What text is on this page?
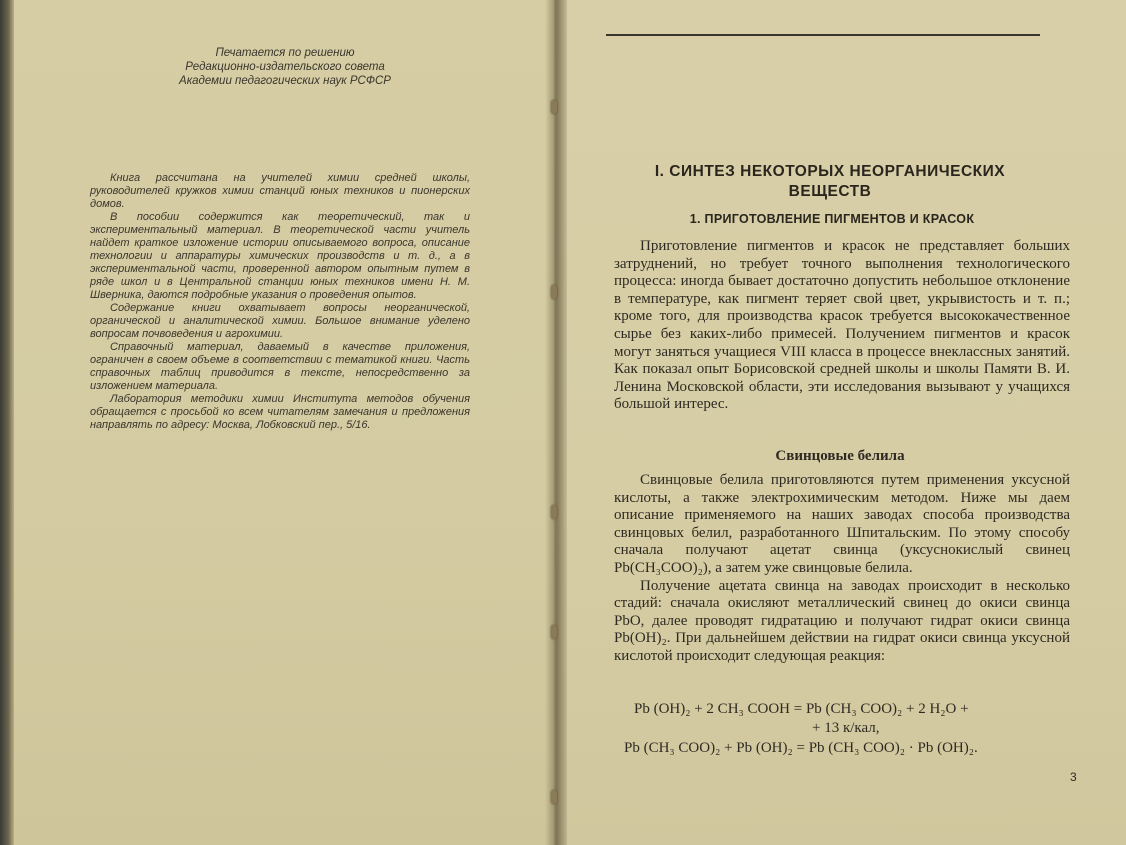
Печатается по решению
Редакционно-издательского совета
Академии педагогических наук РСФСР

Книга рассчитана на учителей химии средней школы, руководителей кружков химии станций юных техников и пионерских домов.

В пособии содержится как теоретический, так и экспериментальный материал. В теоретической части учитель найдет краткое изложение истории описываемого вопроса, описание технологии и аппаратуры химических производств и т. д., а в экспериментальной части, проверенной автором опытным путем в ряде школ и в Центральной станции юных техников имени Н. М. Шверника, даются подробные указания о проведения опытов.

Содержание книги охватывает вопросы неорганической, органической и аналитической химии. Большое внимание уделено вопросам почвоведения и агрохимии.

Справочный материал, даваемый в качестве приложения, ограничен в своем объеме в соответствии с тематикой книги. Часть справочных таблиц приводится в тексте, непосредственно за изложением материала.

Лаборатория методики химии Института методов обучения обращается с просьбой ко всем читателям замечания и предложения направлять по адресу: Москва, Лобковский пер., 5/16.

I. СИНТЕЗ НЕКОТОРЫХ НЕОРГАНИЧЕСКИХ
ВЕЩЕСТВ
1. ПРИГОТОВЛЕНИЕ ПИГМЕНТОВ И КРАСОК

Приготовление пигментов и красок не представляет больших затруднений, но требует точного выполнения технологического процесса: иногда бывает достаточно допустить небольшое отклонение в температуре, как пигмент теряет свой цвет, укрывистость и т. п.; кроме того, для производства красок требуется высококачественное сырье без каких-либо примесей. Получением пигментов и красок могут заняться учащиеся VIII класса в процессе внеклассных занятий. Как показал опыт Борисовской средней школы и школы Памяти В. И. Ленина Московской области, эти исследования вызывают у учащихся большой интерес.

Свинцовые белила

Свинцовые белила приготовляются путем применения уксусной кислоты, а также электрохимическим методом. Ниже мы даем описание применяемого на наших заводах способа производства свинцовых белил, разработанного Шпитальским. По этому способу сначала получают ацетат свинца (уксуснокислый свинец Pb(CH₃COO)₂), а затем уже свинцовые белила.

Получение ацетата свинца на заводах происходит в несколько стадий: сначала окисляют металлический свинец до окиси свинца PbO, далее проводят гидратацию и получают гидрат окиси свинца Pb(OH)₂. При дальнейшем действии на гидрат окиси свинца уксусной кислотой происходит следующая реакция:

Pb (OH)₂ + 2 CH₃ COOH = Pb (CH₃ COO)₂ + 2 H₂O +
+ 13 к/кал,
Pb (CH₃ COO)₂ + Pb (OH)₂ = Pb (CH₃ COO)₂ · Pb (OH)₂.
3
